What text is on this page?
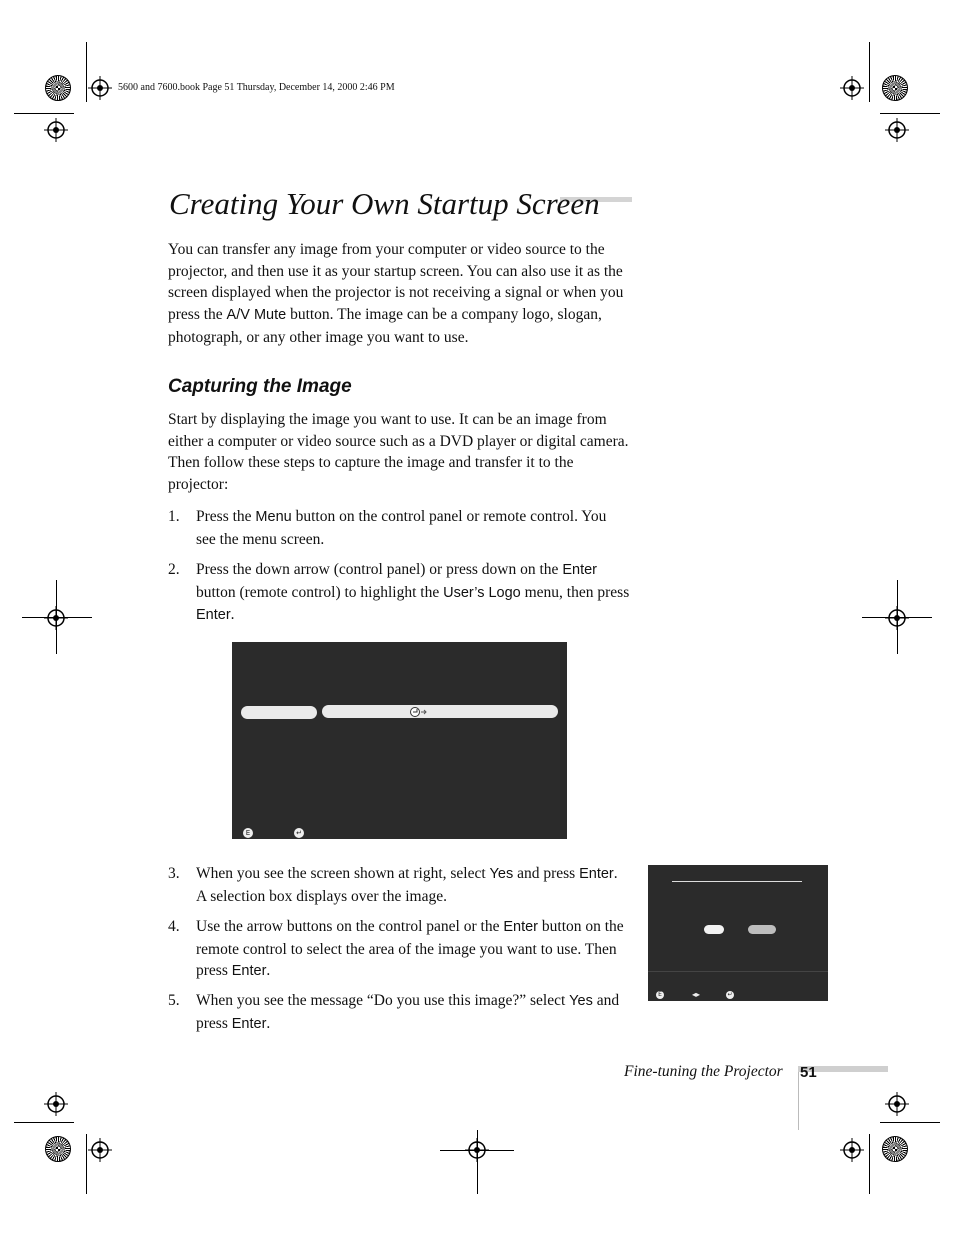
5600 and 7600.book Page 51 Thursday, December 14, 2000 2:46 PM
Creating Your Own Startup Screen

You can transfer any image from your computer or video source to the projector, and then use it as your startup screen. You can also use it as the screen displayed when the projector is not receiving a signal or when you press the A/V Mute button. The image can be a company logo, slogan, photograph, or any other image you want to use.

Capturing the Image

Start by displaying the image you want to use. It can be an image from either a computer or video source such as a DVD player or digital camera. Then follow these steps to capture the image and transfer it to the projector:

1. Press the Menu button on the control panel or remote control. You see the menu screen.
2. Press the down arrow (control panel) or press down on the Enter button (remote control) to highlight the User’s Logo menu, then press Enter.
E	↵
3. When you see the screen shown at right, select Yes and press Enter. A selection box displays over the image.
4. Use the arrow buttons on the control panel or the Enter button on the remote control to select the area of the image you want to use. Then press Enter.
5. When you see the message “Do you use this image?” select Yes and press Enter.
E	◂▸	↵
Fine-tuning the Projector 51
